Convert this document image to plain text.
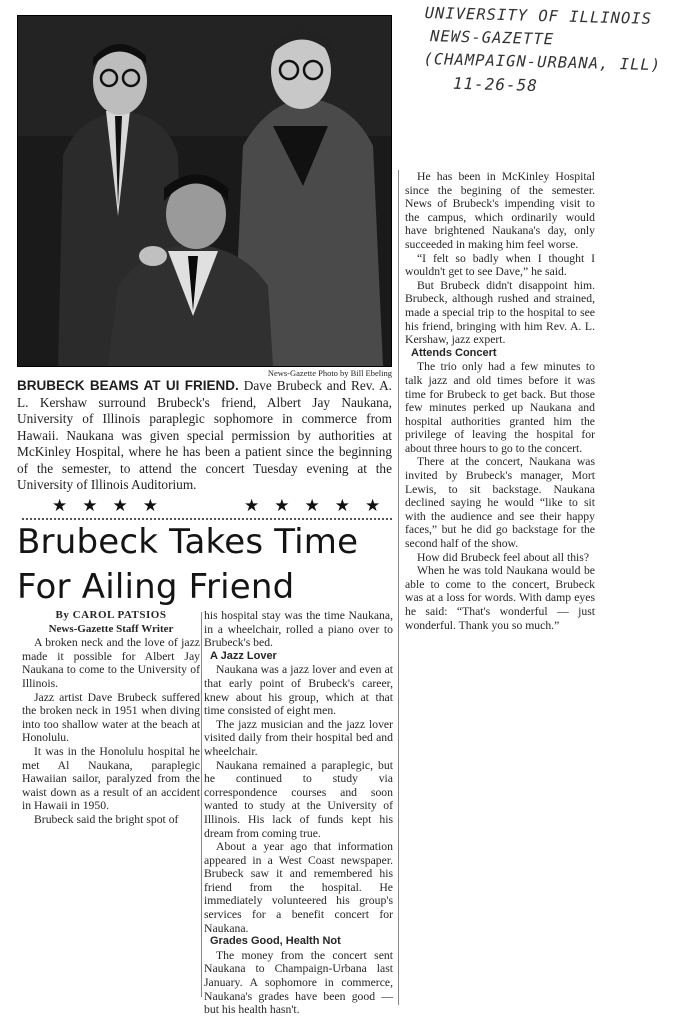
UNIVERSITY OF ILLINOIS
NEWS-GAZETTE
(CHAMPAIGN-URBANA, ILL)
11-26-58
News-Gazette Photo by Bill Ebeling
BRUBECK BEAMS AT UI FRIEND. Dave Brubeck and Rev. A. L. Kershaw surround Brubeck's friend, Albert Jay Naukana, University of Illinois paraplegic sophomore in commerce from Hawaii. Naukana was given special permission by authorities at McKinley Hospital, where he has been a patient since the beginning of the semester, to attend the concert Tuesday evening at the University of Illinois Auditorium.
★★★★	★★★★★
Brubeck Takes Time
For Ailing Friend
By CAROL PATSIOS
News-Gazette Staff Writer

A broken neck and the love of jazz made it possible for Albert Jay Naukana to come to the University of Illinois.

Jazz artist Dave Brubeck suffered the broken neck in 1951 when diving into too shallow water at the beach at Honolulu.

It was in the Honolulu hospital he met Al Naukana, paraplegic Hawaiian sailor, paralyzed from the waist down as a result of an accident in Hawaii in 1950.

Brubeck said the bright spot of

his hospital stay was the time Naukana, in a wheelchair, rolled a piano over to Brubeck's bed.

A Jazz Lover

Naukana was a jazz lover and even at that early point of Brubeck's career, knew about his group, which at that time consisted of eight men.

The jazz musician and the jazz lover visited daily from their hospital bed and wheelchair.

Naukana remained a paraplegic, but he continued to study via correspondence courses and soon wanted to study at the University of Illinois. His lack of funds kept his dream from coming true.

About a year ago that information appeared in a West Coast newspaper. Brubeck saw it and remembered his friend from the hospital. He immediately volunteered his group's services for a benefit concert for Naukana.

Grades Good, Health Not

The money from the concert sent Naukana to Champaign-Urbana last January. A sophomore in commerce, Naukana's grades have been good — but his health hasn't.

He has been in McKinley Hospital since the begining of the semester. News of Brubeck's impending visit to the campus, which ordinarily would have brightened Naukana's day, only succeeded in making him feel worse.

“I felt so badly when I thought I wouldn't get to see Dave,” he said.

But Brubeck didn't disappoint him. Brubeck, although rushed and strained, made a special trip to the hospital to see his friend, bringing with him Rev. A. L. Kershaw, jazz expert.

Attends Concert

The trio only had a few minutes to talk jazz and old times before it was time for Brubeck to get back. But those few minutes perked up Naukana and hospital authorities granted him the privilege of leaving the hospital for about three hours to go to the concert.

There at the concert, Naukana was invited by Brubeck's manager, Mort Lewis, to sit backstage. Naukana declined saying he would “like to sit with the audience and see their happy faces,” but he did go backstage for the second half of the show.

How did Brubeck feel about all this?

When he was told Naukana would be able to come to the concert, Brubeck was at a loss for words. With damp eyes he said: “That's wonderful — just wonderful. Thank you so much.”
